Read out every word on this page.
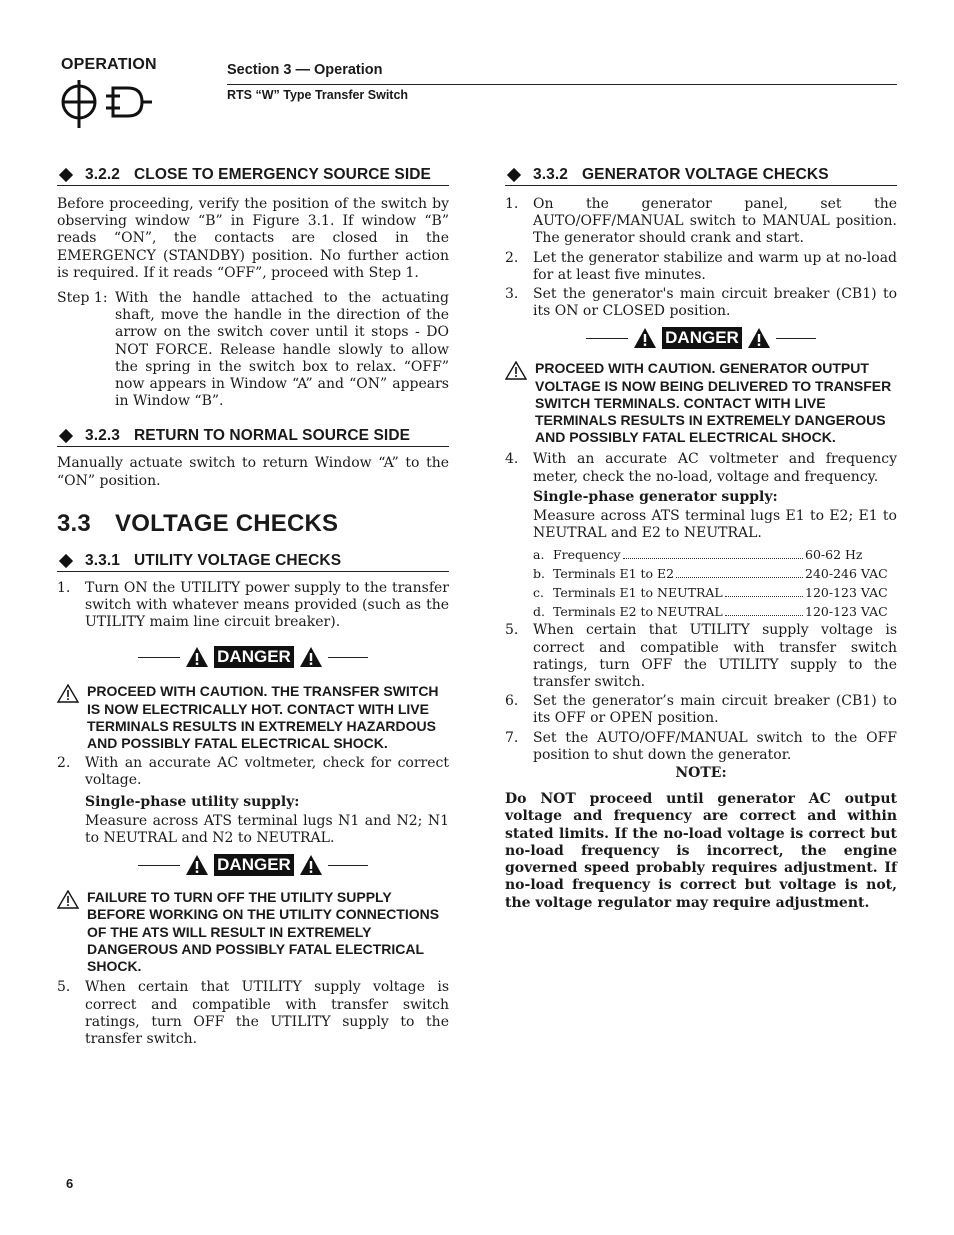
OPERATION	Section 3 — Operation
RTS “W” Type Transfer Switch
3.2.2 CLOSE TO EMERGENCY SOURCE SIDE

Before proceeding, verify the position of the switch by observing window “B” in Figure 3.1. If window “B” reads “ON”, the contacts are closed in the EMERGENCY (STANDBY) position. No further action is required. If it reads “OFF”, proceed with Step 1.

Step 1: With the handle attached to the actuating shaft, move the handle in the direction of the arrow on the switch cover until it stops - DO NOT FORCE. Release handle slowly to allow the spring in the switch box to relax. “OFF” now appears in Window “A” and “ON” appears in Window “B”.
3.2.3 RETURN TO NORMAL SOURCE SIDE

Manually actuate switch to return Window “A” to the “ON” position.

3.3	VOLTAGE CHECKS
3.3.1 UTILITY VOLTAGE CHECKS
1.	Turn ON the UTILITY power supply to the transfer switch with whatever means provided (such as the UTILITY maim line circuit breaker).
DANGER
PROCEED WITH CAUTION. THE TRANSFER SWITCH IS NOW ELECTRICALLY HOT. CONTACT WITH LIVE TERMINALS RESULTS IN EXTREMELY HAZARDOUS AND POSSIBLY FATAL ELECTRICAL SHOCK.
2.	With an accurate AC voltmeter, check for correct voltage.
Single-phase utility supply:
Measure across ATS terminal lugs N1 and N2; N1 to NEUTRAL and N2 to NEUTRAL.
DANGER
FAILURE TO TURN OFF THE UTILITY SUPPLY BEFORE WORKING ON THE UTILITY CONNECTIONS OF THE ATS WILL RESULT IN EXTREMELY DANGEROUS AND POSSIBLY FATAL ELECTRICAL SHOCK.
5.	When certain that UTILITY supply voltage is correct and compatible with transfer switch ratings, turn OFF the UTILITY supply to the transfer switch.
3.3.2 GENERATOR VOLTAGE CHECKS
1.	On the generator panel, set the AUTO/OFF/MANUAL switch to MANUAL position. The generator should crank and start.
2.	Let the generator stabilize and warm up at no-load for at least five minutes.
3.	Set the generator's main circuit breaker (CB1) to its ON or CLOSED position.
DANGER
PROCEED WITH CAUTION. GENERATOR OUTPUT VOLTAGE IS NOW BEING DELIVERED TO TRANSFER SWITCH TERMINALS. CONTACT WITH LIVE TERMINALS RESULTS IN EXTREMELY DANGEROUS AND POSSIBLY FATAL ELECTRICAL SHOCK.
4.	With an accurate AC voltmeter and frequency meter, check the no-load, voltage and frequency.
Single-phase generator supply:
Measure across ATS terminal lugs E1 to E2; E1 to NEUTRAL and E2 to NEUTRAL.
a. Frequency	60-62 Hz
b. Terminals E1 to E2	240-246 VAC
c. Terminals E1 to NEUTRAL	120-123 VAC
d. Terminals E2 to NEUTRAL	120-123 VAC
5.	When certain that UTILITY supply voltage is correct and compatible with transfer switch ratings, turn OFF the UTILITY supply to the transfer switch.
6.	Set the generator’s main circuit breaker (CB1) to its OFF or OPEN position.
7.	Set the AUTO/OFF/MANUAL switch to the OFF position to shut down the generator.
NOTE:

Do NOT proceed until generator AC output voltage and frequency are correct and within stated limits. If the no-load voltage is correct but no-load frequency is incorrect, the engine governed speed probably requires adjustment. If no-load frequency is correct but voltage is not, the voltage regulator may require adjustment.

6
